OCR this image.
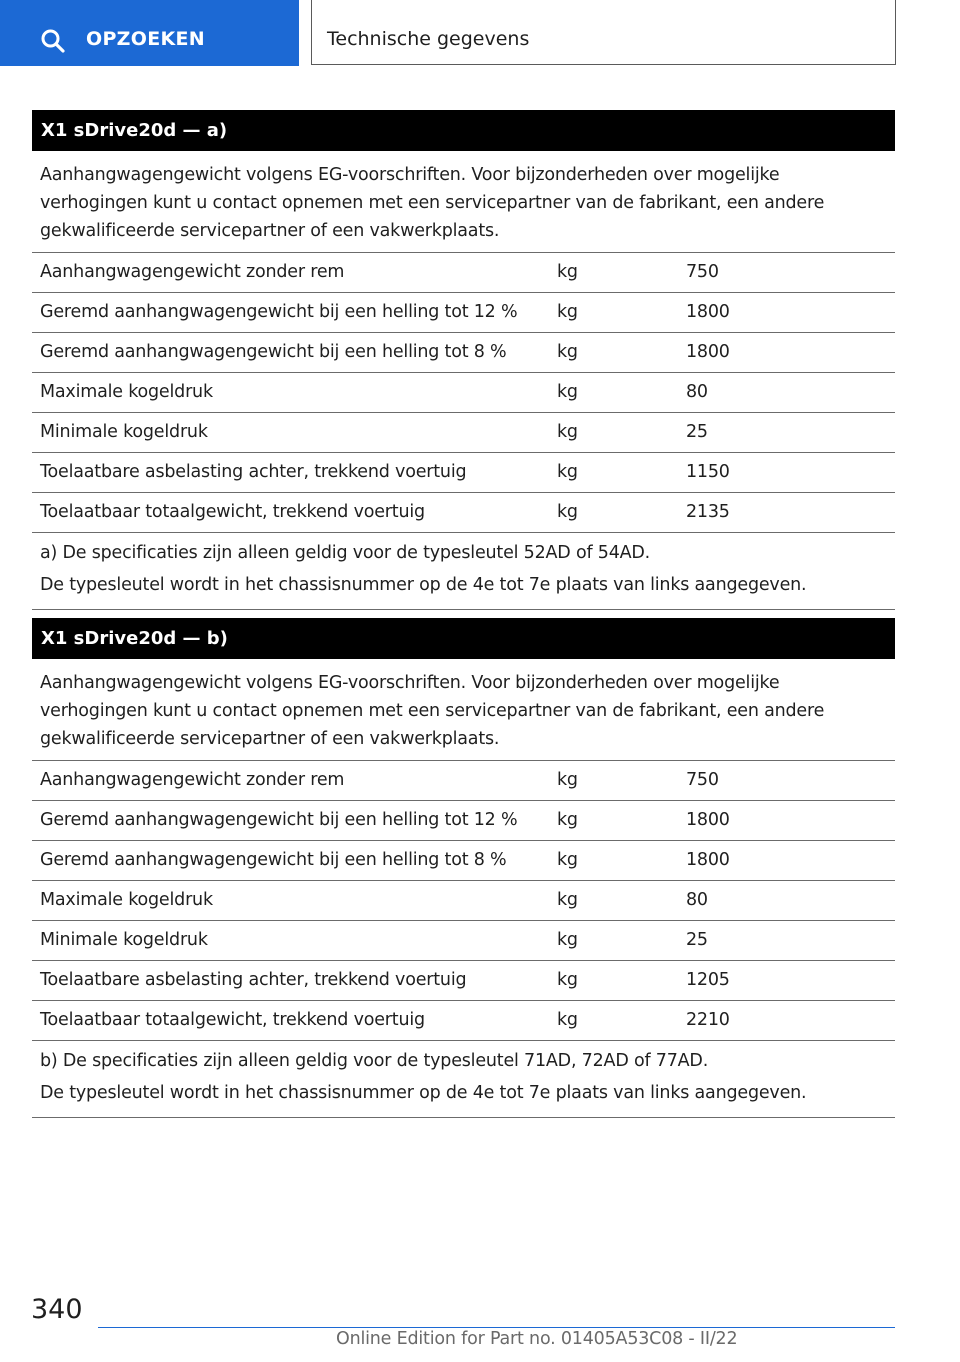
OPZOEKEN	Technische gegevens
X1 sDrive20d — a)
Aanhangwagengewicht volgens EG-voorschriften. Voor bijzonderheden over mogelijke verhogingen kunt u contact opnemen met een servicepartner van de fabrikant, een andere gekwalificeerde servicepartner of een vakwerkplaats.
Aanhangwagengewicht zonder rem	kg	750
Geremd aanhangwagengewicht bij een helling tot 12 % kg	1800
Geremd aanhangwagengewicht bij een helling tot 8 %	kg	1800
Maximale kogeldruk	kg	80
Minimale kogeldruk	kg	25
Toelaatbare asbelasting achter, trekkend voertuig	kg	1150
Toelaatbaar totaalgewicht, trekkend voertuig	kg	2135
a) De specificaties zijn alleen geldig voor de typesleutel 52AD of 54AD.
De typesleutel wordt in het chassisnummer op de 4e tot 7e plaats van links aangegeven.
X1 sDrive20d — b)
Aanhangwagengewicht volgens EG-voorschriften. Voor bijzonderheden over mogelijke verhogingen kunt u contact opnemen met een servicepartner van de fabrikant, een andere gekwalificeerde servicepartner of een vakwerkplaats.
Aanhangwagengewicht zonder rem	kg	750
Geremd aanhangwagengewicht bij een helling tot 12 % kg	1800
Geremd aanhangwagengewicht bij een helling tot 8 %	kg	1800
Maximale kogeldruk	kg	80
Minimale kogeldruk	kg	25
Toelaatbare asbelasting achter, trekkend voertuig	kg	1205
Toelaatbaar totaalgewicht, trekkend voertuig	kg	2210
b) De specificaties zijn alleen geldig voor de typesleutel 71AD, 72AD of 77AD.
De typesleutel wordt in het chassisnummer op de 4e tot 7e plaats van links aangegeven.
340
Online Edition for Part no. 01405A53C08 - II/22
